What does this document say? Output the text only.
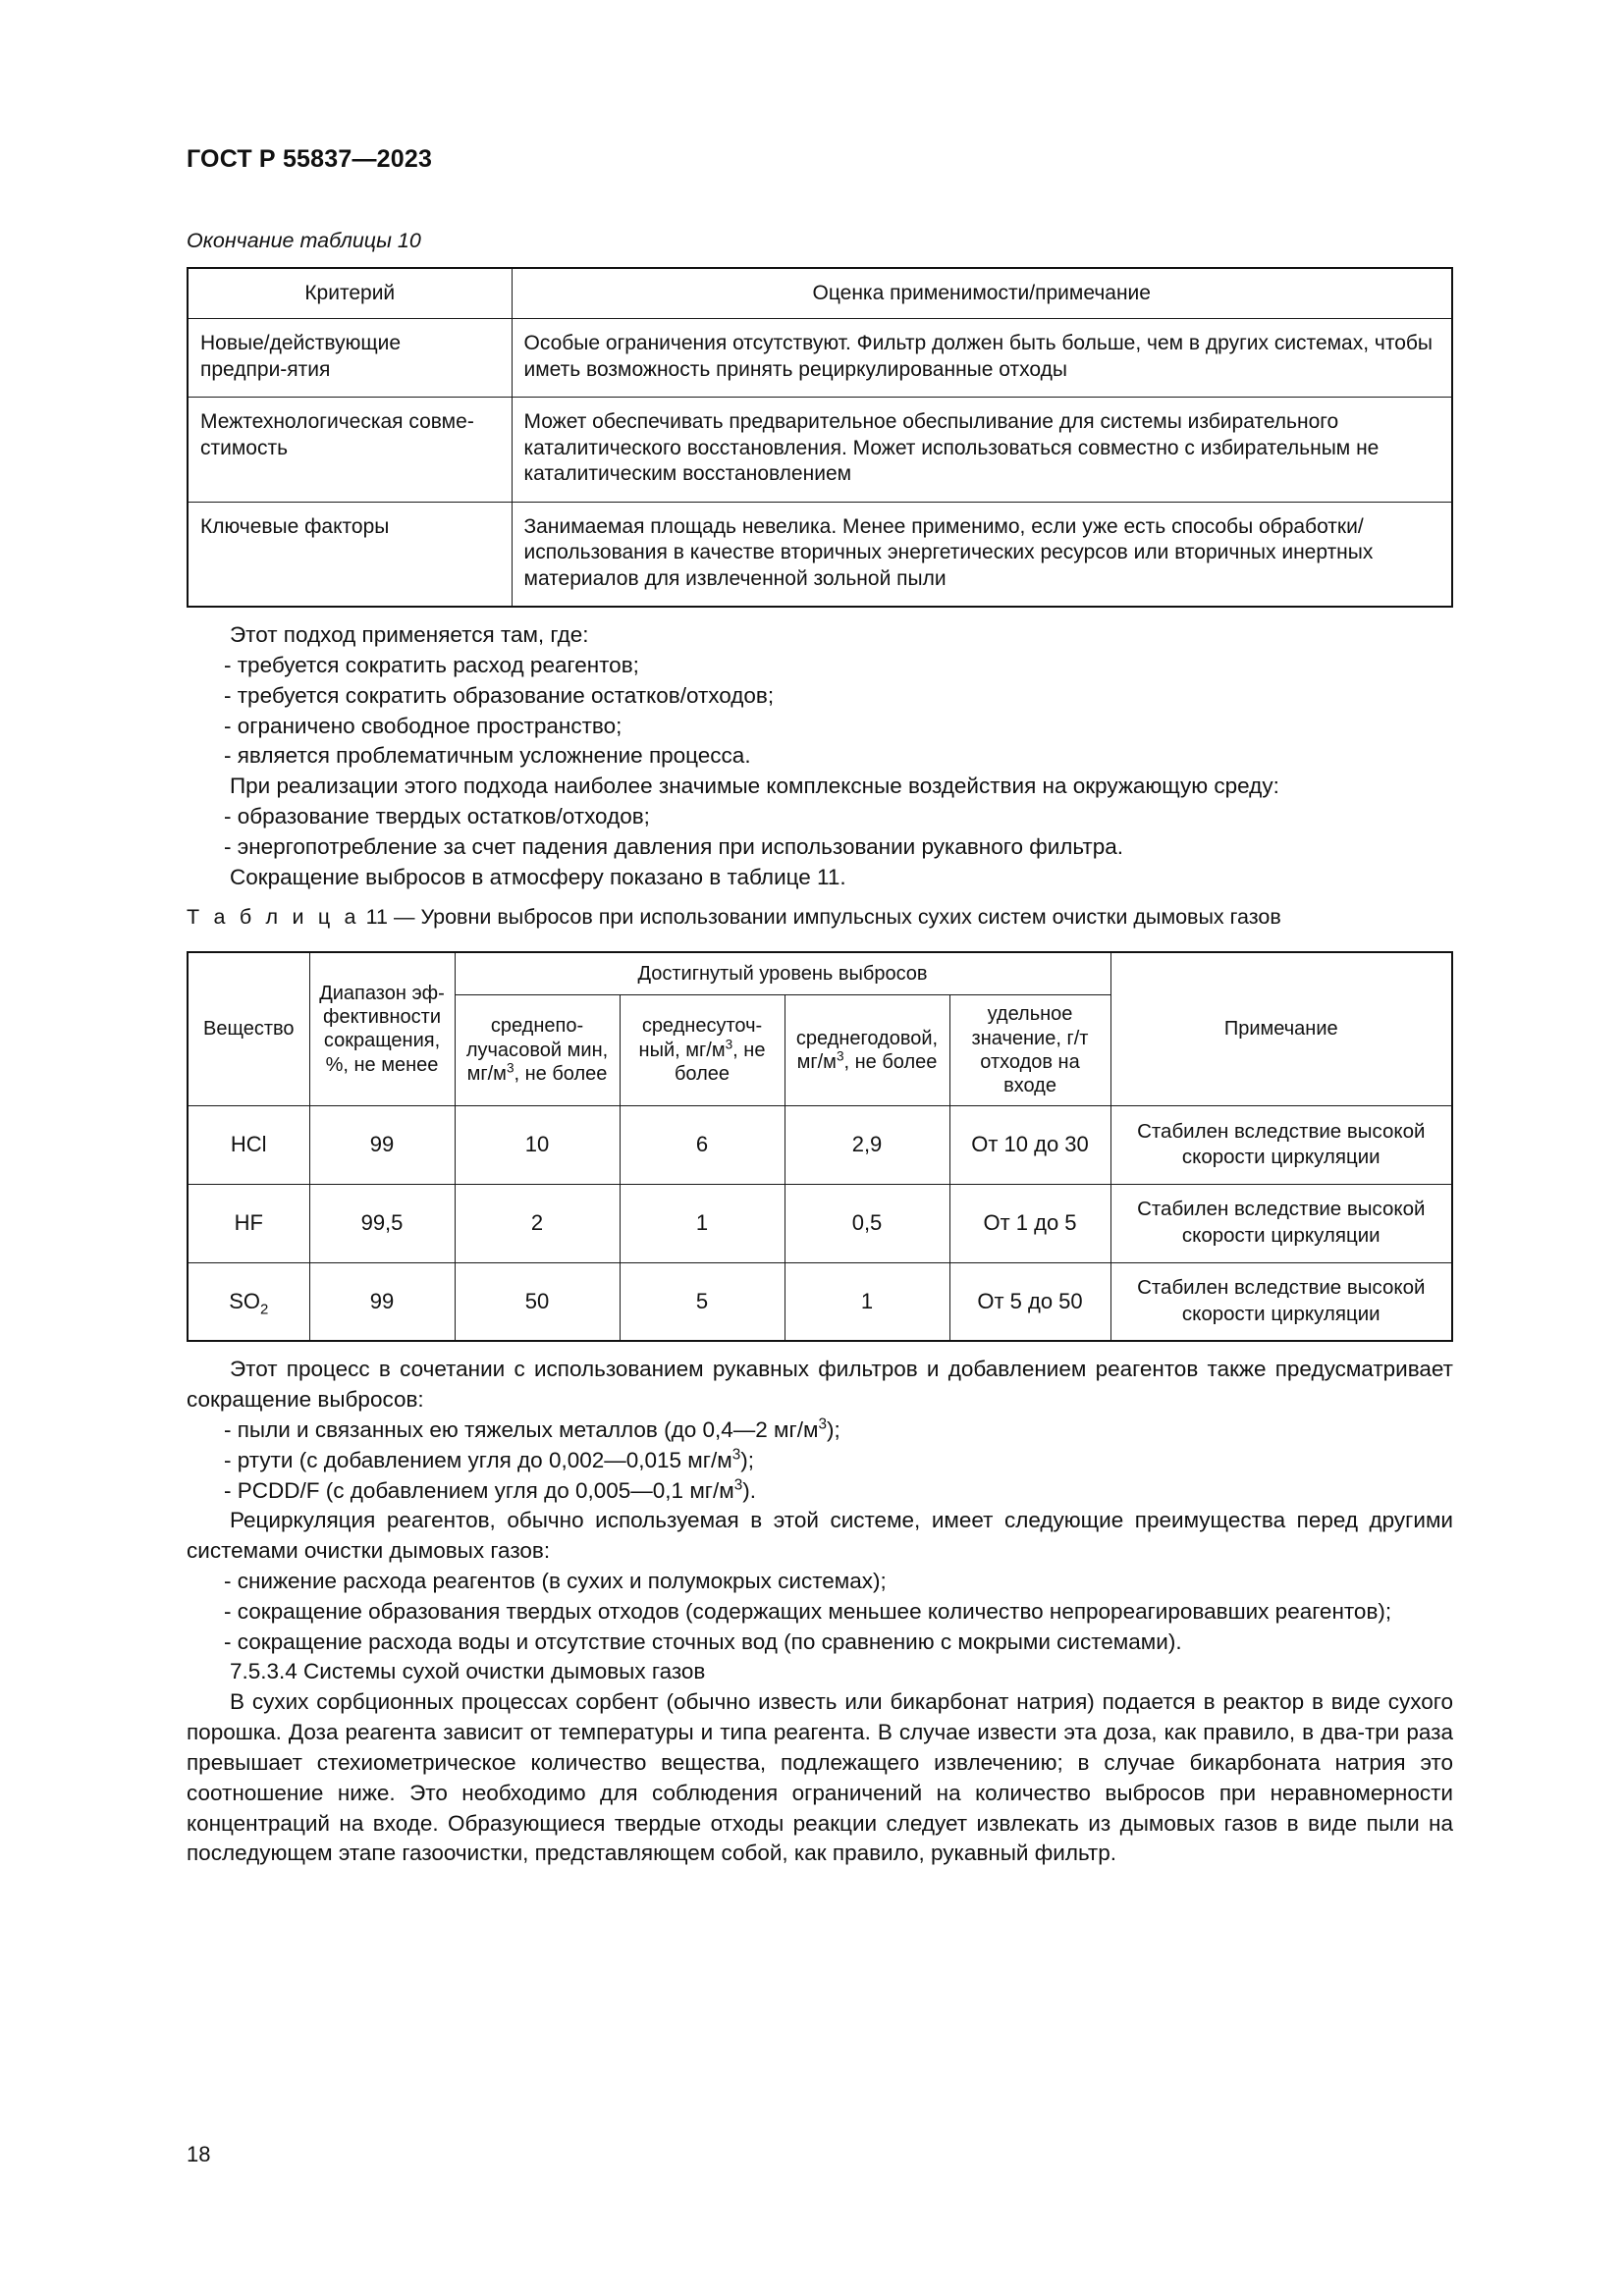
ГОСТ Р 55837—2023
Окончание таблицы 10
Критерий	Оценка применимости/примечание
Новые/действующие предпри-ятия	Особые ограничения отсутствуют. Фильтр должен быть больше, чем в других системах, чтобы иметь возможность принять рециркулированные отходы
Межтехнологическая совместимость	Может обеспечивать предварительное обеспыливание для системы избирательного каталитического восстановления. Может использоваться совместно с избирательным не каталитическим восстановлением
Ключевые факторы	Занимаемая площадь невелика. Менее применимо, если уже есть способы обработки/использования в качестве вторичных энергетических ресурсов или вторичных инертных материалов для извлеченной зольной пыли

Этот подход применяется там, где:

- требуется сократить расход реагентов;

- требуется сократить образование остатков/отходов;

- ограничено свободное пространство;

- является проблематичным усложнение процесса.

При реализации этого подхода наиболее значимые комплексные воздействия на окружающую среду:

- образование твердых остатков/отходов;

- энергопотребление за счет падения давления при использовании рукавного фильтра.

Сокращение выбросов в атмосферу показано в таблице 11.

Т а б л и ц а 11 — Уровни выбросов при использовании импульсных сухих систем очистки дымовых газов

Вещество	Диапазон эффективности сокращения, %, не менее	Достигнутый уровень выбросов				Примечание
		среднеполучасовой мин, $мг/м^3$, не более	среднесуточный, $мг/м^3$, не более	среднегодовой, $мг/м^3$, не более	удельное значение, г/т отходов на входе	
HCl	99	10	6	2,9	От 10 до 30	Стабилен вследствие высокой скорости циркуляции
HF	99,5	2	1	0,5	От 1 до 5	Стабилен вследствие высокой скорости циркуляции
$SO_2$	99	50	5	1	От 5 до 50	Стабилен вследствие высокой скорости циркуляции

Этот процесс в сочетании с использованием рукавных фильтров и добавлением реагентов также предусматривает сокращение выбросов:

- пыли и связанных ею тяжелых металлов (до 0,4—2 $мг/м^3$);

- ртути (с добавлением угля до 0,002—0,015 $мг/м^3$);

- PCDD/F (с добавлением угля до 0,005—0,1 $мг/м^3$).

Рециркуляция реагентов, обычно используемая в этой системе, имеет следующие преимущества перед другими системами очистки дымовых газов:

- снижение расхода реагентов (в сухих и полумокрых системах);

- сокращение образования твердых отходов (содержащих меньшее количество непрореагировавших реагентов);

- сокращение расхода воды и отсутствие сточных вод (по сравнению с мокрыми системами).

7.5.3.4 Системы сухой очистки дымовых газов

В сухих сорбционных процессах сорбент (обычно известь или бикарбонат натрия) подается в реактор в виде сухого порошка. Доза реагента зависит от температуры и типа реагента. В случае извести эта доза, как правило, в два-три раза превышает стехиометрическое количество вещества, подлежащего извлечению; в случае бикарбоната натрия это соотношение ниже. Это необходимо для соблюдения ограничений на количество выбросов при неравномерности концентраций на входе. Образующиеся твердые отходы реакции следует извлекать из дымовых газов в виде пыли на последующем этапе газоочистки, представляющем собой, как правило, рукавный фильтр.

18
